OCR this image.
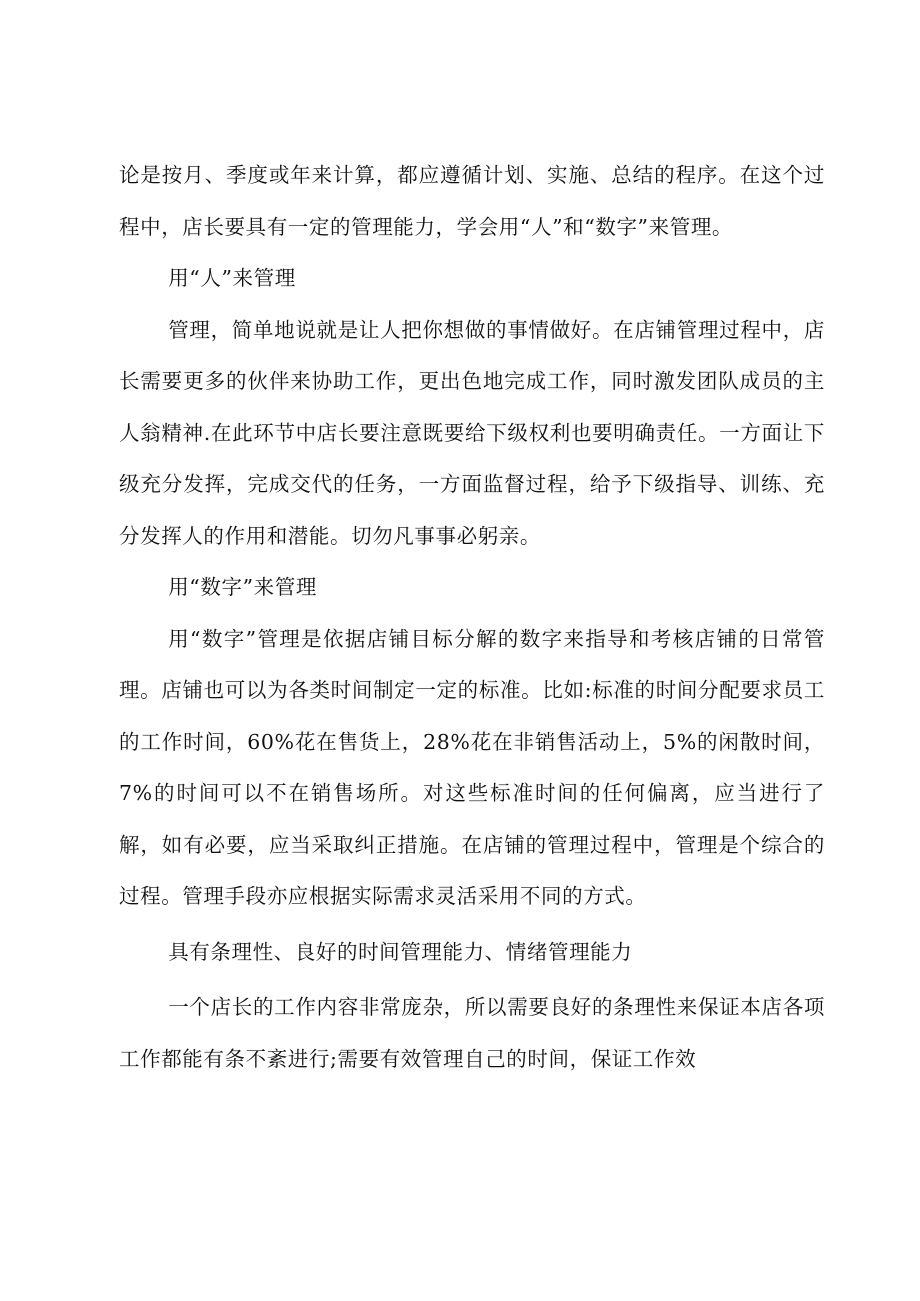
论是按月、季度或年来计算，都应遵循计划、实施、总结的程序。在这个过程中，店长要具有一定的管理能力，学会用“人”和“数字”来管理。

用“人”来管理

管理，简单地说就是让人把你想做的事情做好。在店铺管理过程中，店长需要更多的伙伴来协助工作，更出色地完成工作，同时激发团队成员的主人翁精神.在此环节中店长要注意既要给下级权利也要明确责任。一方面让下级充分发挥，完成交代的任务，一方面监督过程，给予下级指导、训练、充分发挥人的作用和潜能。切勿凡事事必躬亲。

用“数字”来管理

用“数字”管理是依据店铺目标分解的数字来指导和考核店铺的日常管理。店铺也可以为各类时间制定一定的标准。比如:标准的时间分配要求员工的工作时间，60%花在售货上，28%花在非销售活动上，5%的闲散时间，7%的时间可以不在销售场所。对这些标准时间的任何偏离，应当进行了解，如有必要，应当采取纠正措施。在店铺的管理过程中，管理是个综合的过程。管理手段亦应根据实际需求灵活采用不同的方式。

具有条理性、良好的时间管理能力、情绪管理能力

一个店长的工作内容非常庞杂，所以需要良好的条理性来保证本店各项工作都能有条不紊进行;需要有效管理自己的时间，保证工作效
